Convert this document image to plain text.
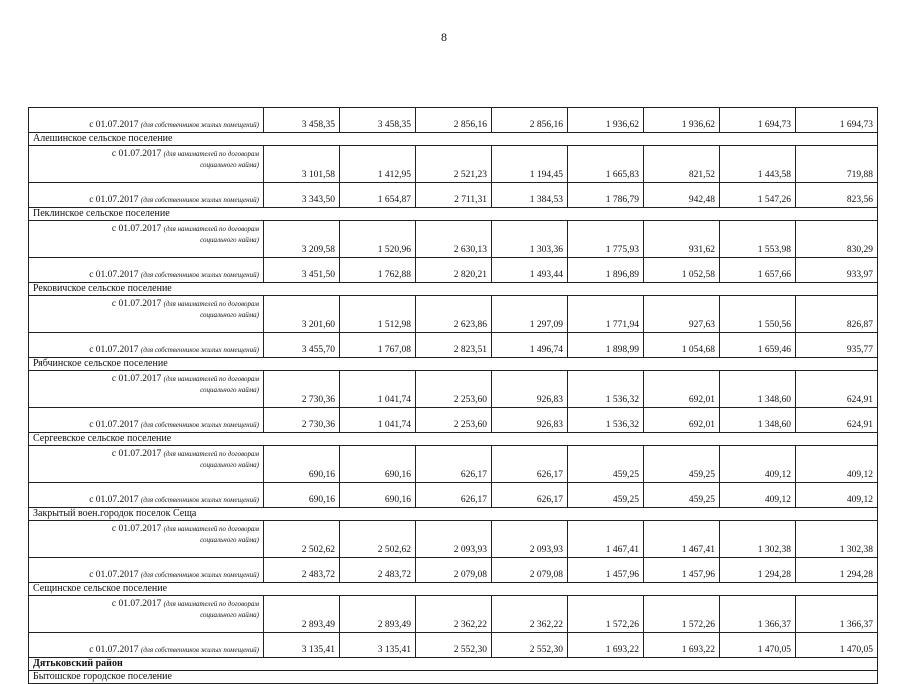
8
с 01.07.2017 (для собственников жилых помещений)	3 458,35	3 458,35	2 856,16	2 856,16	1 936,62	1 936,62	1 694,73	1 694,73
Алешинское сельское поселение								

с 01.07.2017 (для нанимателей по договорам
социального найма)	3 101,58	1 412,95	2 521,23	1 194,45	1 665,83	821,52	1 443,58	719,88
с 01.07.2017 (для собственников жилых помещений)	3 343,50	1 654,87	2 711,31	1 384,53	1 786,79	942,48	1 547,26	823,56
Пеклинское сельское поселение								

с 01.07.2017 (для нанимателей по договорам
социального найма)	3 209,58	1 520,96	2 630,13	1 303,36	1 775,93	931,62	1 553,98	830,29
с 01.07.2017 (для собственников жилых помещений)	3 451,50	1 762,88	2 820,21	1 493,44	1 896,89	1 052,58	1 657,66	933,97
Рековичское сельское поселение								

с 01.07.2017 (для нанимателей по договорам
социального найма)	3 201,60	1 512,98	2 623,86	1 297,09	1 771,94	927,63	1 550,56	826,87
с 01.07.2017 (для собственников жилых помещений)	3 455,70	1 767,08	2 823,51	1 496,74	1 898,99	1 054,68	1 659,46	935,77
Рябчинское сельское поселение								

с 01.07.2017 (для нанимателей по договорам
социального найма)	2 730,36	1 041,74	2 253,60	926,83	1 536,32	692,01	1 348,60	624,91
с 01.07.2017 (для собственников жилых помещений)	2 730,36	1 041,74	2 253,60	926,83	1 536,32	692,01	1 348,60	624,91
Сергеевское сельское поселение								

с 01.07.2017 (для нанимателей по договорам
социального найма)	690,16	690,16	626,17	626,17	459,25	459,25	409,12	409,12
с 01.07.2017 (для собственников жилых помещений)	690,16	690,16	626,17	626,17	459,25	459,25	409,12	409,12
Закрытый воен.городок поселок Сеща								

с 01.07.2017 (для нанимателей по договорам
социального найма)	2 502,62	2 502,62	2 093,93	2 093,93	1 467,41	1 467,41	1 302,38	1 302,38
с 01.07.2017 (для собственников жилых помещений)	2 483,72	2 483,72	2 079,08	2 079,08	1 457,96	1 457,96	1 294,28	1 294,28
Сещинское сельское поселение								

с 01.07.2017 (для нанимателей по договорам
социального найма)	2 893,49	2 893,49	2 362,22	2 362,22	1 572,26	1 572,26	1 366,37	1 366,37
с 01.07.2017 (для собственников жилых помещений)	3 135,41	3 135,41	2 552,30	2 552,30	1 693,22	1 693,22	1 470,05	1 470,05
Дятьковский район								
Бытошское городское поселение								
